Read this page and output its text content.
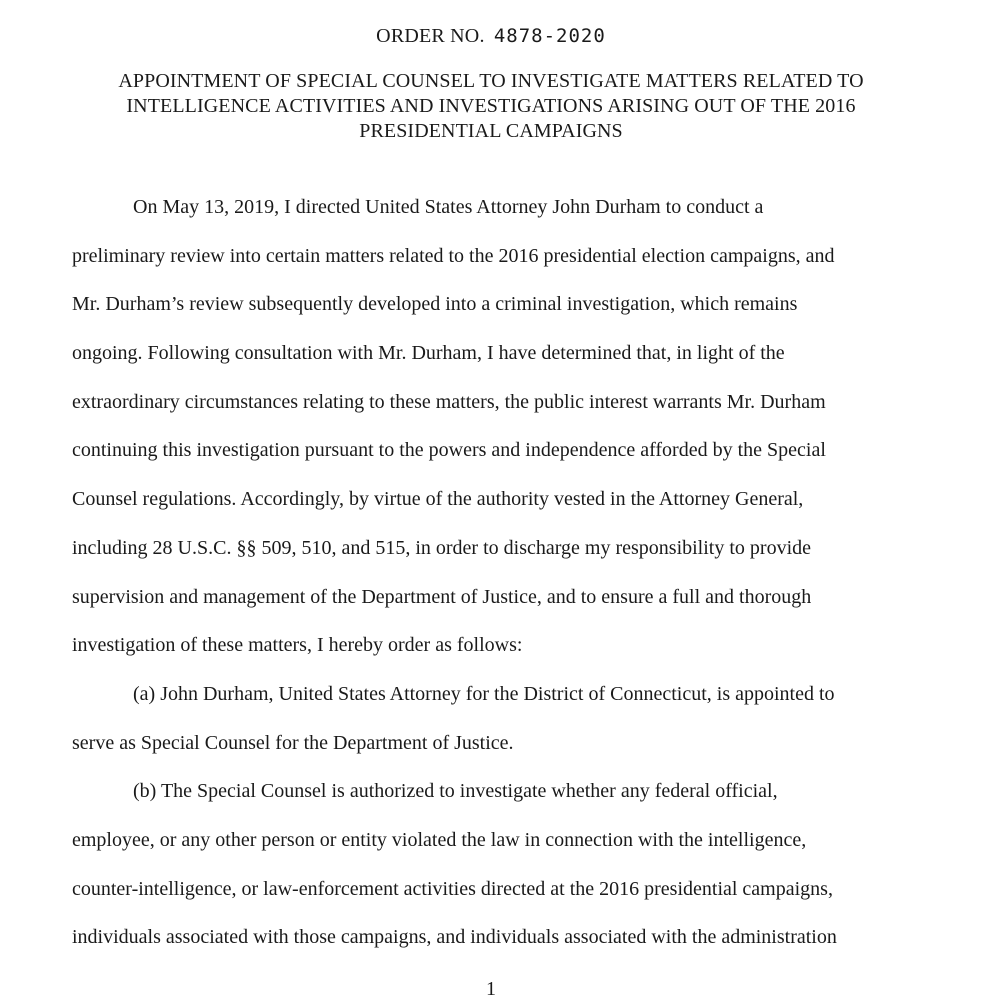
ORDER NO. 4878-2020
APPOINTMENT OF SPECIAL COUNSEL TO INVESTIGATE MATTERS RELATED TO
INTELLIGENCE ACTIVITIES AND INVESTIGATIONS ARISING OUT OF THE 2016
PRESIDENTIAL CAMPAIGNS
On May 13, 2019, I directed United States Attorney John Durham to conduct a
preliminary review into certain matters related to the 2016 presidential election campaigns, and
Mr. Durham’s review subsequently developed into a criminal investigation, which remains
ongoing. Following consultation with Mr. Durham, I have determined that, in light of the
extraordinary circumstances relating to these matters, the public interest warrants Mr. Durham
continuing this investigation pursuant to the powers and independence afforded by the Special
Counsel regulations. Accordingly, by virtue of the authority vested in the Attorney General,
including 28 U.S.C. §§ 509, 510, and 515, in order to discharge my responsibility to provide
supervision and management of the Department of Justice, and to ensure a full and thorough
investigation of these matters, I hereby order as follows:
(a) John Durham, United States Attorney for the District of Connecticut, is appointed to
serve as Special Counsel for the Department of Justice.
(b) The Special Counsel is authorized to investigate whether any federal official,
employee, or any other person or entity violated the law in connection with the intelligence,
counter-intelligence, or law-enforcement activities directed at the 2016 presidential campaigns,
individuals associated with those campaigns, and individuals associated with the administration
1
